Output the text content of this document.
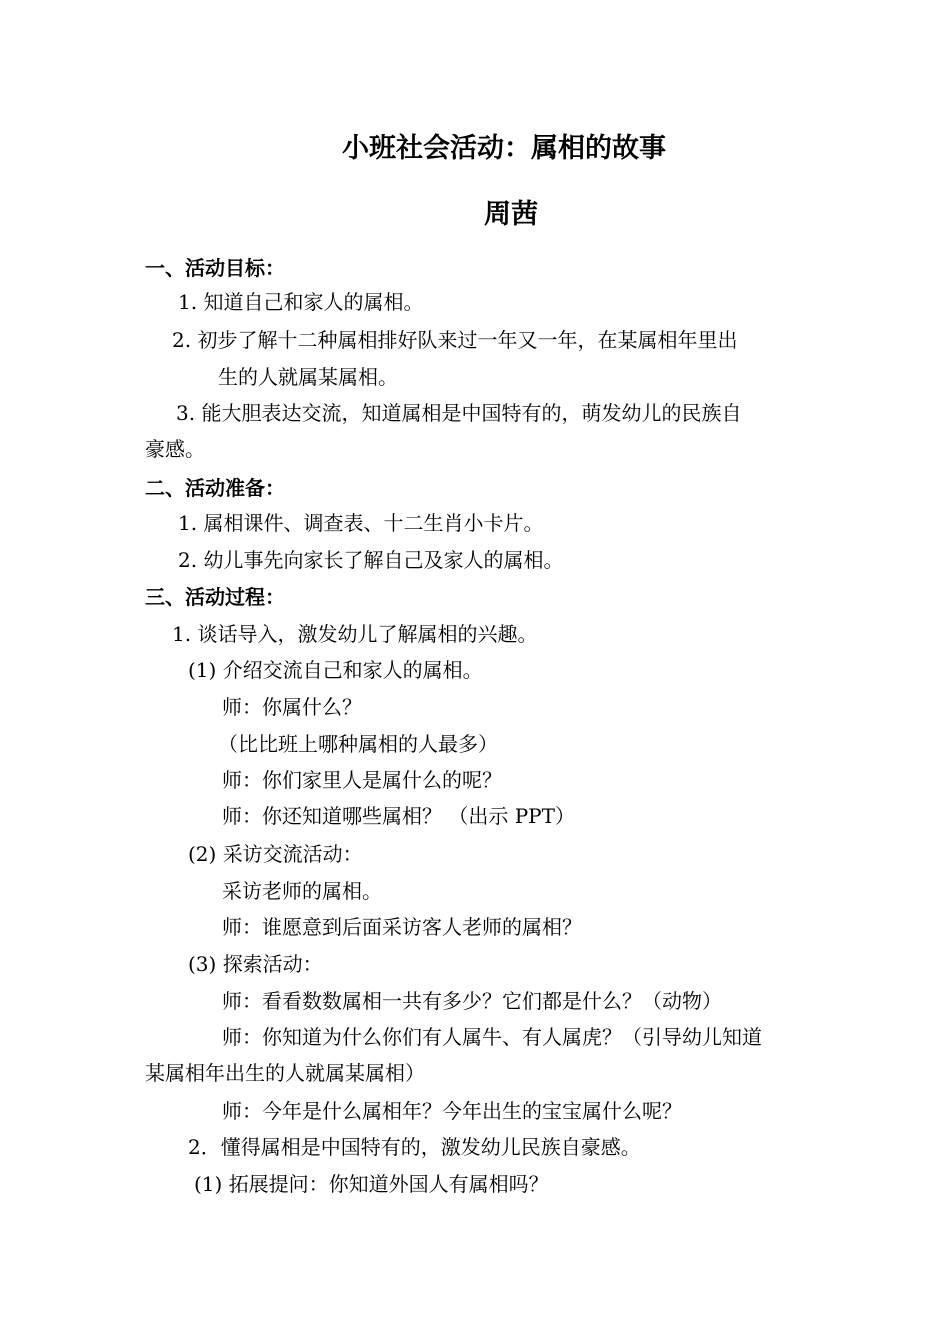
小班社会活动：属相的故事
周茜
一、活动目标：
1. 知道自己和家人的属相。
2. 初步了解十二种属相排好队来过一年又一年，在某属相年里出
生的人就属某属相。
3. 能大胆表达交流，知道属相是中国特有的，萌发幼儿的民族自
豪感。
二、活动准备：
1. 属相课件、调查表、十二生肖小卡片。
2. 幼儿事先向家长了解自己及家人的属相。
三、活动过程：
1. 谈话导入，激发幼儿了解属相的兴趣。
(1) 介绍交流自己和家人的属相。
师：你属什么？
（比比班上哪种属相的人最多）
师：你们家里人是属什么的呢？
师：你还知道哪些属相？ （出示 PPT）
(2) 采访交流活动：
采访老师的属相。
师：谁愿意到后面采访客人老师的属相？
(3) 探索活动：
师：看看数数属相一共有多少？它们都是什么？（动物）
师：你知道为什么你们有人属牛、有人属虎？（引导幼儿知道
某属相年出生的人就属某属相）
师：今年是什么属相年？今年出生的宝宝属什么呢？
2．懂得属相是中国特有的，激发幼儿民族自豪感。
(1) 拓展提问：你知道外国人有属相吗？
